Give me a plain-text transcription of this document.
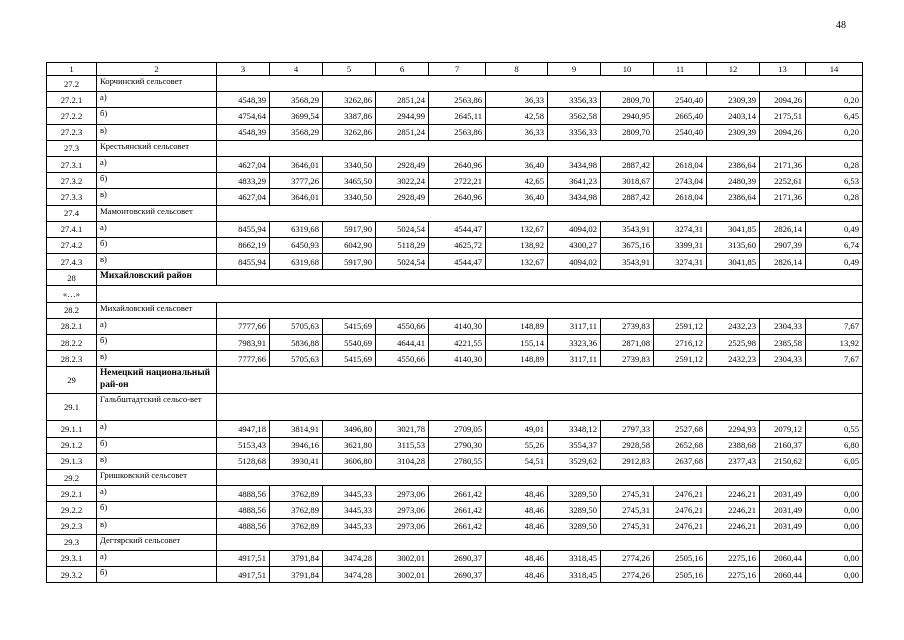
48
1	2	3	4	5	6	7	8	9	10	11	12	13	14
27.2	Корчинский сельсовет												
27.2.1	а)	4548,39	3568,29	3262,86	2851,24	2563,86	36,33	3356,33	2809,70	2540,40	2309,39	2094,26	0,20
27.2.2	б)	4754,64	3699,54	3387,86	2944,99	2645,11	42,58	3562,58	2940,95	2665,40	2403,14	2175,51	6,45
27.2.3	в)	4548,39	3568,29	3262,86	2851,24	2563,86	36,33	3356,33	2809,70	2540,40	2309,39	2094,26	0,20
27.3	Крестьянский сельсовет												
27.3.1	а)	4627,04	3646,01	3340,50	2928,49	2640,96	36,40	3434,98	2887,42	2618,04	2386,64	2171,36	0,28
27.3.2	б)	4833,29	3777,26	3465,50	3022,24	2722,21	42,65	3641,23	3018,67	2743,04	2480,39	2252,61	6,53
27.3.3	в)	4627,04	3646,01	3340,50	2928,49	2640,96	36,40	3434,98	2887,42	2618,04	2386,64	2171,36	0,28
27.4	Мамонтовский сельсовет												
27.4.1	а)	8455,94	6319,68	5917,90	5024,54	4544,47	132,67	4094,02	3543,91	3274,31	3041,85	2826,14	0,49
27.4.2	б)	8662,19	6450,93	6042,90	5118,29	4625,72	138,92	4300,27	3675,16	3399,31	3135,60	2907,39	6,74
27.4.3	в)	8455,94	6319,68	5917,90	5024,54	4544,47	132,67	4094,02	3543,91	3274,31	3041,85	2826,14	0,49
28	Михайловский район												
«…»													
28.2	Михайловский сельсовет												
28.2.1	а)	7777,66	5705,63	5415,69	4550,66	4140,30	148,89	3117,11	2739,83	2591,12	2432,23	2304,33	7,67
28.2.2	б)	7983,91	5836,88	5540,69	4644,41	4221,55	155,14	3323,36	2871,08	2716,12	2525,98	2385,58	13,92
28.2.3	в)	7777,66	5705,63	5415,69	4550,66	4140,30	148,89	3117,11	2739,83	2591,12	2432,23	2304,33	7,67
29	Немецкий национальный рай-он												
29.1	Гальбштадтский сельсо-вет												
29.1.1	а)	4947,18	3814,91	3496,80	3021,78	2709,05	49,01	3348,12	2797,33	2527,68	2294,93	2079,12	0,55
29.1.2	б)	5153,43	3946,16	3621,80	3115,53	2790,30	55,26	3554,37	2928,58	2652,68	2388,68	2160,37	6,80
29.1.3	в)	5128,68	3930,41	3606,80	3104,28	2780,55	54,51	3529,62	2912,83	2637,68	2377,43	2150,62	6,05
29.2	Гришковский сельсовет												
29.2.1	а)	4888,56	3762,89	3445,33	2973,06	2661,42	48,46	3289,50	2745,31	2476,21	2246,21	2031,49	0,00
29.2.2	б)	4888,56	3762,89	3445,33	2973,06	2661,42	48,46	3289,50	2745,31	2476,21	2246,21	2031,49	0,00
29.2.3	в)	4888,56	3762,89	3445,33	2973,06	2661,42	48,46	3289,50	2745,31	2476,21	2246,21	2031,49	0,00
29.3	Дегтярский сельсовет												
29.3.1	а)	4917,51	3791,84	3474,28	3002,01	2690,37	48,46	3318,45	2774,26	2505,16	2275,16	2060,44	0,00
29.3.2	б)	4917,51	3791,84	3474,28	3002,01	2690,37	48,46	3318,45	2774,26	2505,16	2275,16	2060,44	0,00
